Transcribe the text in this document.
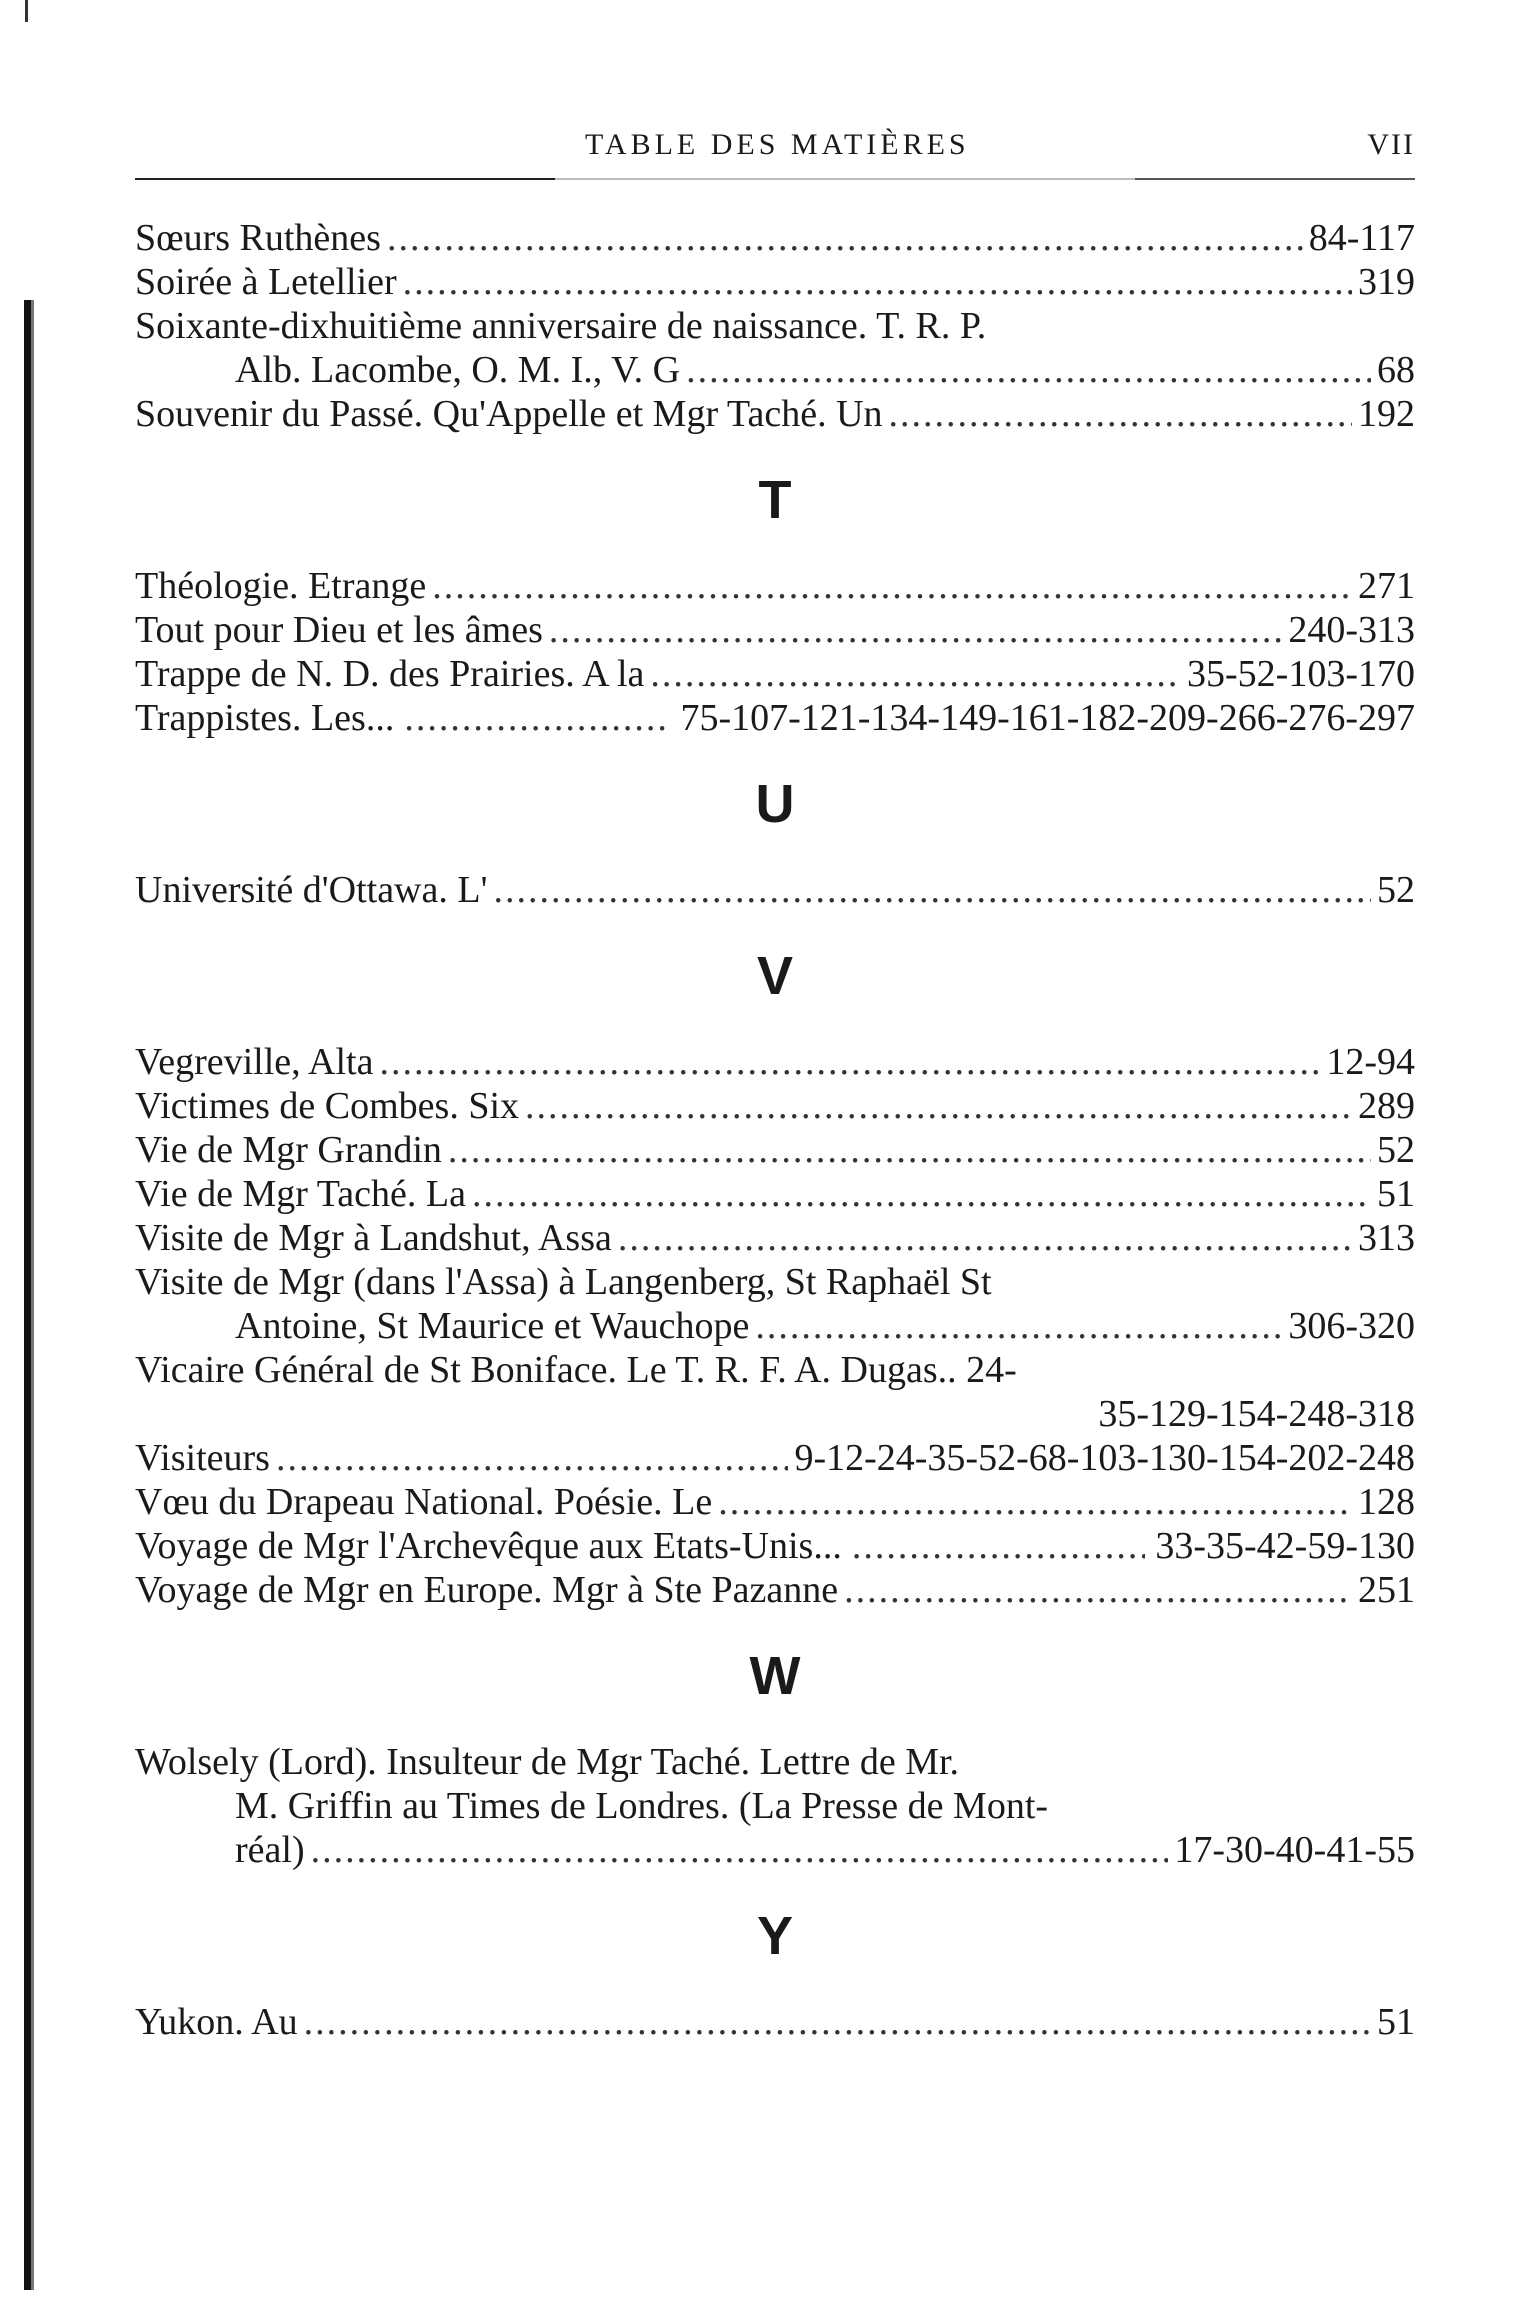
TABLE DES MATIÈRES	VII
Sœurs Ruthènes .....	84-117
Soirée à Letellier .....	319
Soixante-dixhuitième anniversaire de naissance. T. R. P.
Alb. Lacombe, O. M. I., V. G .....	68
Souvenir du Passé. Qu'Appelle et Mgr Taché. Un .....	192
T
Théologie. Etrange .....	271
Tout pour Dieu et les âmes .....	240-313
Trappe de N. D. des Prairies. A la .....	35-52-103-170
Trappistes. Les... .....	75-107-121-134-149-161-182-209-266-276-297
U
Université d'Ottawa. L' .....	52
V
Vegreville, Alta .....	12-94
Victimes de Combes. Six .....	289
Vie de Mgr Grandin .....	52
Vie de Mgr Taché. La .....	51
Visite de Mgr à Landshut, Assa .....	313
Visite de Mgr (dans l'Assa) à Langenberg, St Raphaël St
Antoine, St Maurice et Wauchope .....	306-320
Vicaire Général de St Boniface. Le T. R. F. A. Dugas.. 24-
35-129-154-248-318
Visiteurs .....	9-12-24-35-52-68-103-130-154-202-248
Vœu du Drapeau National. Poésie. Le .....	128
Voyage de Mgr l'Archevêque aux Etats-Unis... .....	33-35-42-59-130
Voyage de Mgr en Europe. Mgr à Ste Pazanne .....	251
W
Wolsely (Lord). Insulteur de Mgr Taché. Lettre de Mr.
M. Griffin au Times de Londres. (La Presse de Mont-
réal) .....	17-30-40-41-55
Y
Yukon. Au .....	51
